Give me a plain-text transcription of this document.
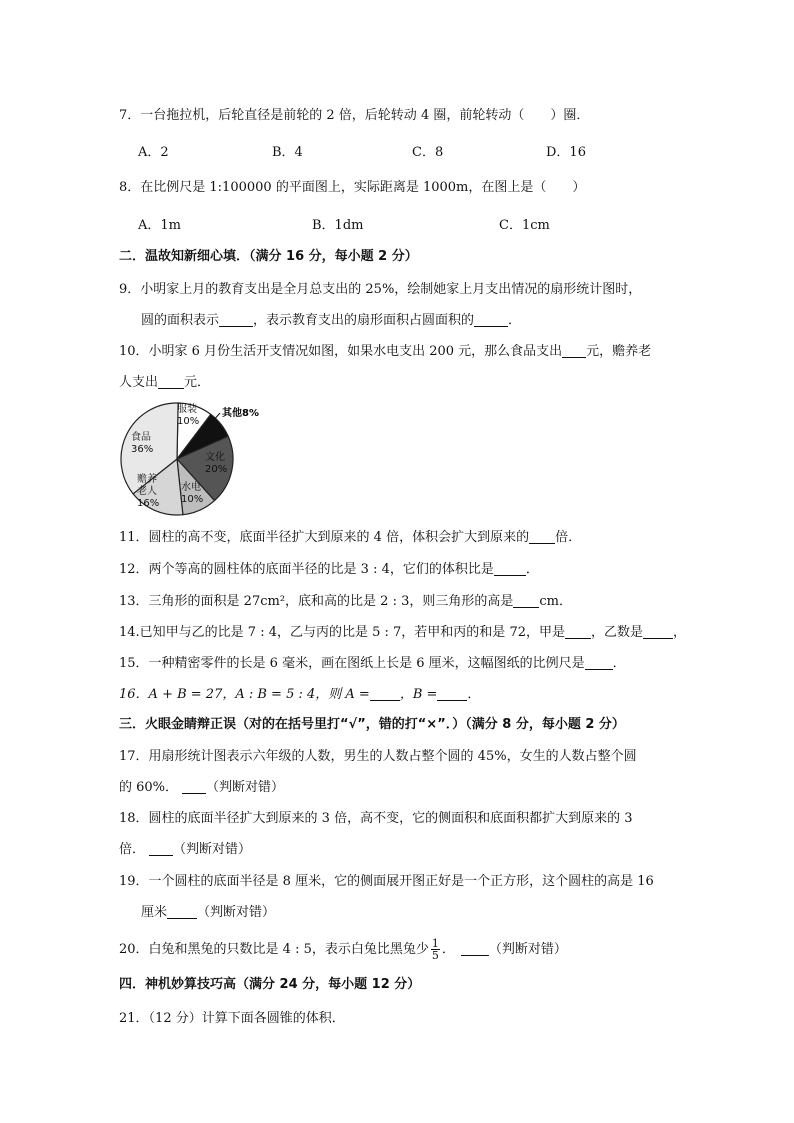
7．一台拖拉机，后轮直径是前轮的 2 倍，后轮转动 4 圈，前轮转动（　　）圈．
A．2	B．4	C．8	D．16
8．在比例尺是 1:100000 的平面图上，实际距离是 1000m，在图上是（　　）
A．1m	B．1dm	C．1cm
二．温故知新细心填．（满分 16 分，每小题 2 分）
9．小明家上月的教育支出是全月总支出的 25%，绘制她家上月支出情况的扇形统计图时，
圆的面积表示	，表示教育支出的扇形面积占圆面积的	．
10．小明家 6 月份生活开支情况如图，如果水电支出 200 元，那么食品支出 元，赡养老
人支出 元．
服装
10%
其他8%
文化
20%
水电
10%
赡养
老人
16%
食品
36%
11．圆柱的高不变，底面半径扩大到原来的 4 倍，体积会扩大到原来的 倍．
12．两个等高的圆柱体的底面半径的比是 3 : 4，它们的体积比是 ．
13．三角形的面积是 27cm²，底和高的比是 2 : 3，则三角形的高是 cm．
14.已知甲与乙的比是 7 : 4，乙与丙的比是 5 : 7，若甲和丙的和是 72，甲是 ，乙数是 ，
15．一种精密零件的长是 6 毫米，画在图纸上长是 6 厘米，这幅图纸的比例尺是 ．
16．A + B = 27，A : B = 5 : 4，则 A = ，B = ．
三．火眼金睛辩正误（对的在括号里打“√”，错的打“×”．）（满分 8 分，每小题 2 分）
17．用扇形统计图表示六年级的人数，男生的人数占整个圆的 45%，女生的人数占整个圆
的 60%． （判断对错）
18．圆柱的底面半径扩大到原来的 3 倍，高不变，它的侧面积和底面积都扩大到原来的 3
倍． （判断对错）
19．一个圆柱的底面半径是 8 厘米，它的侧面展开图正好是一个正方形，这个圆柱的高是 16
厘米 （判断对错）
20．白兔和黑兔的只数比是 4 : 5，表示白兔比黑兔少 $\frac{1}{5}$ ．	（判断对错）
四．神机妙算技巧高（满分 24 分，每小题 12 分）
21．（12 分）计算下面各圆锥的体积．
